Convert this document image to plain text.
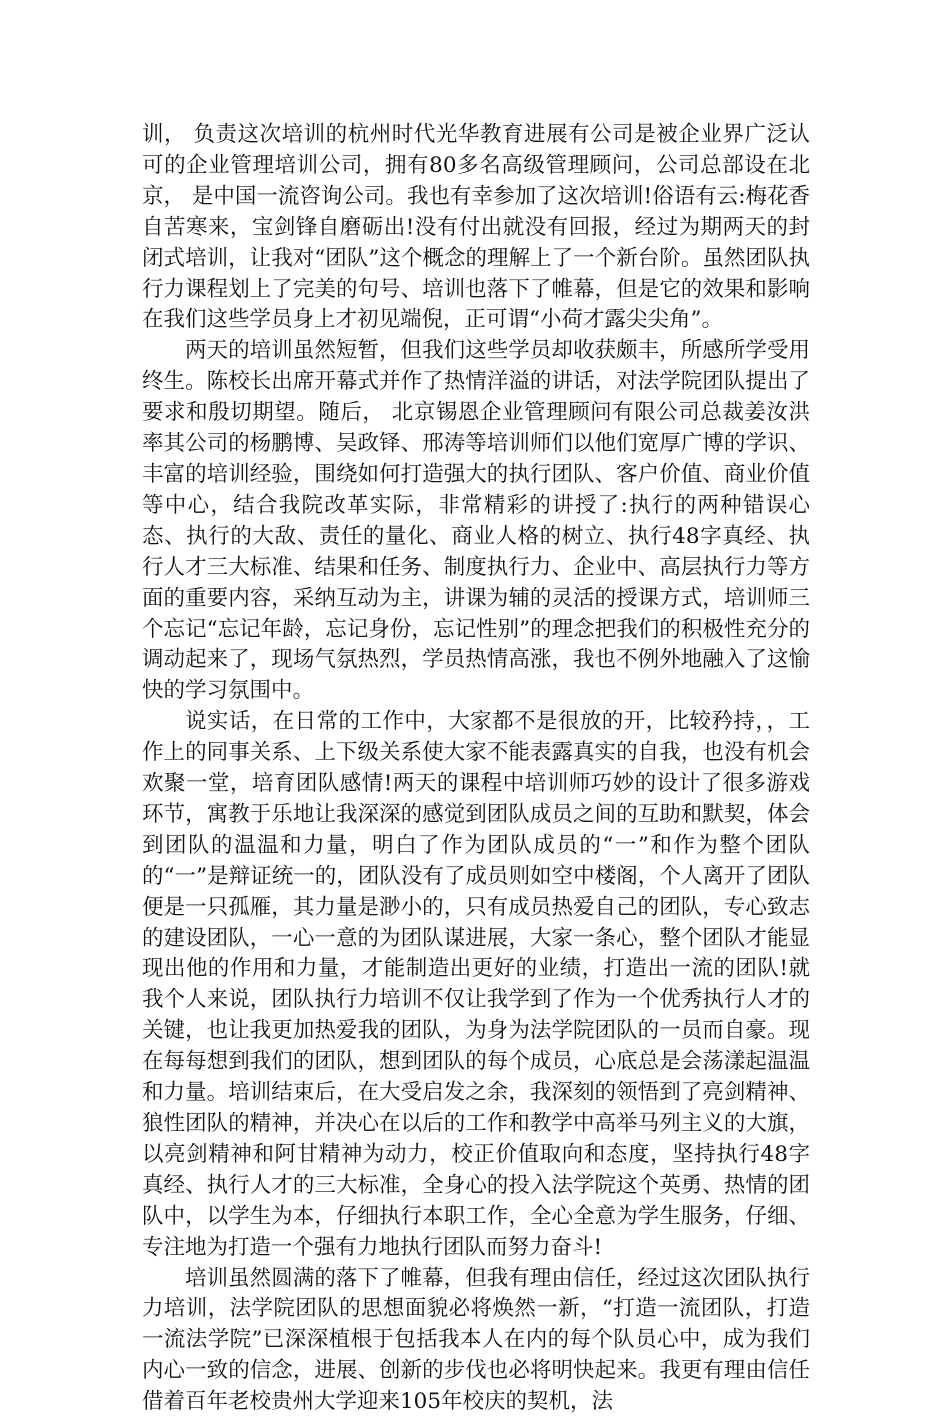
训， 负责这次培训的杭州时代光华教育进展有公司是被企业界广泛认可的企业管理培训公司，拥有80多名高级管理顾问，公司总部设在北京， 是中国一流咨询公司。我也有幸参加了这次培训!俗语有云:梅花香自苦寒来，宝剑锋自磨砺出!没有付出就没有回报，经过为期两天的封闭式培训，让我对“团队”这个概念的理解上了一个新台阶。虽然团队执行力课程划上了完美的句号、培训也落下了帷幕，但是它的效果和影响在我们这些学员身上才初见端倪，正可谓“小荷才露尖尖角”。

两天的培训虽然短暂，但我们这些学员却收获颇丰，所感所学受用终生。陈校长出席开幕式并作了热情洋溢的讲话，对法学院团队提出了要求和殷切期望。随后， 北京锡恩企业管理顾问有限公司总裁姜汝洪率其公司的杨鹏博、吴政铎、邢涛等培训师们以他们宽厚广博的学识、丰富的培训经验，围绕如何打造强大的执行团队、客户价值、商业价值等中心，结合我院改革实际，非常精彩的讲授了:执行的两种错误心态、执行的大敌、责任的量化、商业人格的树立、执行48字真经、执行人才三大标准、结果和任务、制度执行力、企业中、高层执行力等方面的重要内容，采纳互动为主，讲课为辅的灵活的授课方式，培训师三个忘记“忘记年龄，忘记身份，忘记性别”的理念把我们的积极性充分的调动起来了，现场气氛热烈，学员热情高涨，我也不例外地融入了这愉快的学习氛围中。

说实话，在日常的工作中，大家都不是很放的开，比较矜持，，工作上的同事关系、上下级关系使大家不能表露真实的自我，也没有机会欢聚一堂，培育团队感情!两天的课程中培训师巧妙的设计了很多游戏环节，寓教于乐地让我深深的感觉到团队成员之间的互助和默契，体会到团队的温温和力量，明白了作为团队成员的“一”和作为整个团队的“一”是辩证统一的，团队没有了成员则如空中楼阁，个人离开了团队便是一只孤雁，其力量是渺小的，只有成员热爱自己的团队，专心致志的建设团队，一心一意的为团队谋进展，大家一条心，整个团队才能显现出他的作用和力量，才能制造出更好的业绩，打造出一流的团队!就我个人来说，团队执行力培训不仅让我学到了作为一个优秀执行人才的关键，也让我更加热爱我的团队，为身为法学院团队的一员而自豪。现在每每想到我们的团队，想到团队的每个成员，心底总是会荡漾起温温和力量。培训结束后，在大受启发之余，我深刻的领悟到了亮剑精神、狼性团队的精神，并决心在以后的工作和教学中高举马列主义的大旗，以亮剑精神和阿甘精神为动力，校正价值取向和态度，坚持执行48字真经、执行人才的三大标准，全身心的投入法学院这个英勇、热情的团队中，以学生为本，仔细执行本职工作，全心全意为学生服务，仔细、专注地为打造一个强有力地执行团队而努力奋斗!

培训虽然圆满的落下了帷幕，但我有理由信任，经过这次团队执行力培训，法学院团队的思想面貌必将焕然一新，“打造一流团队，打造一流法学院”已深深植根于包括我本人在内的每个队员心中，成为我们内心一致的信念，进展、创新的步伐也必将明快起来。我更有理由信任借着百年老校贵州大学迎来105年校庆的契机，法
